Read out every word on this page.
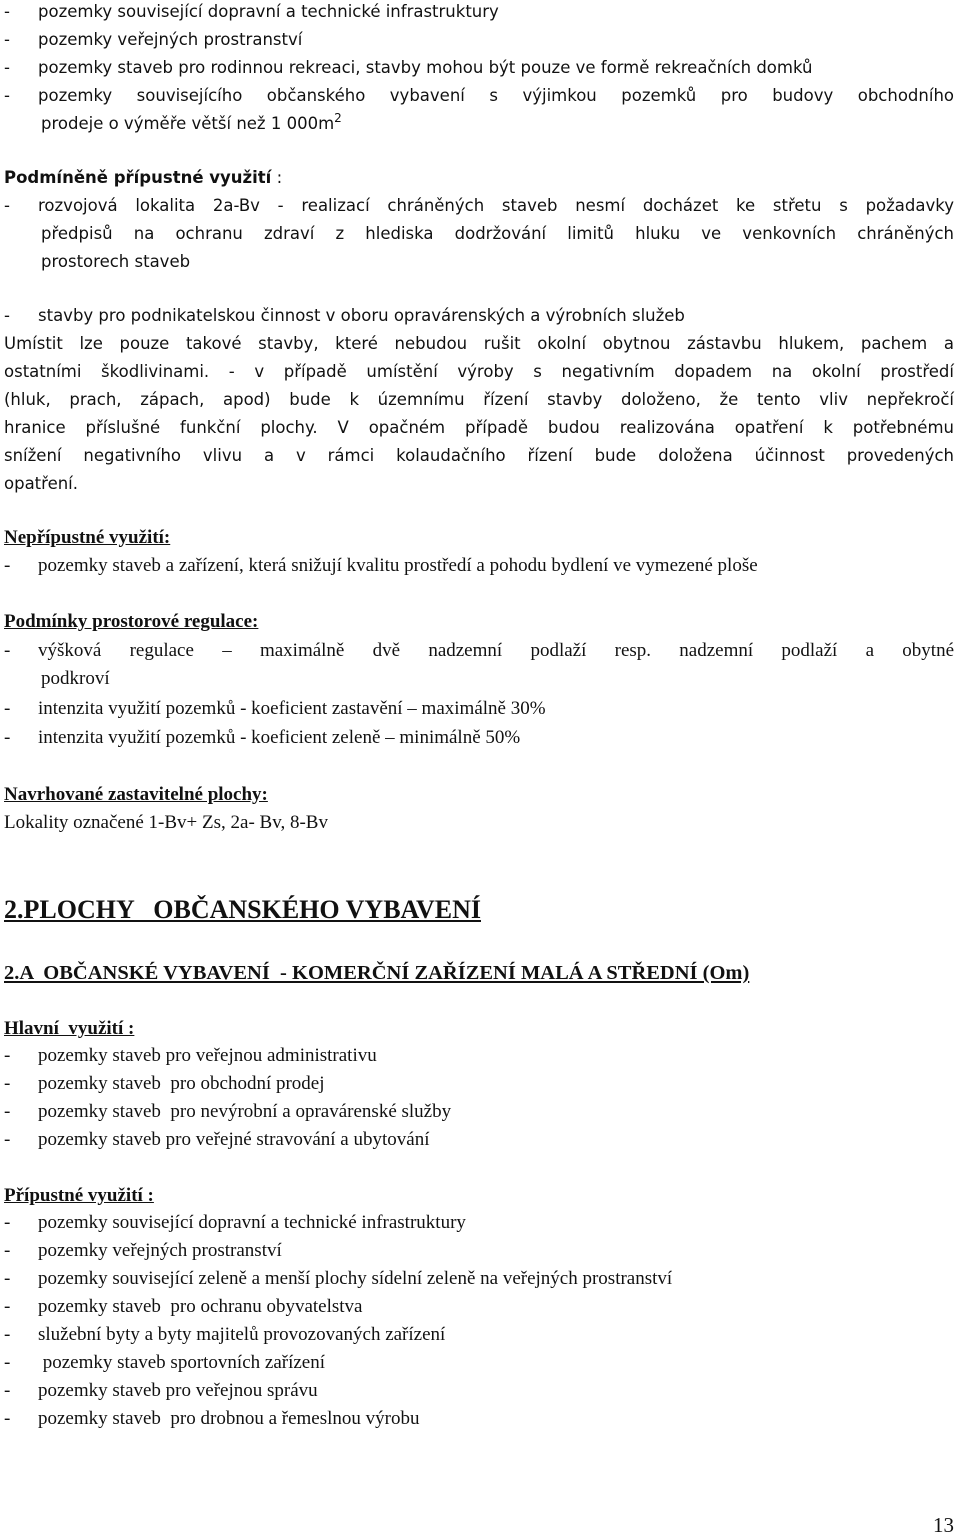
- pozemky související dopravní a technické infrastruktury
- pozemky veřejných prostranství
- pozemky staveb pro rodinnou rekreaci, stavby mohou být pouze ve formě rekreačních domků
- pozemky souvisejícího občanského vybavení s výjimkou pozemků pro budovy obchodního
prodeje o výměře větší než 1 $000m^2$
Podmíněně přípustné využití :
- rozvojová lokalita 2a-Bv - realizací chráněných staveb nesmí docházet ke střetu s požadavky
předpisů na ochranu zdraví z hlediska dodržování limitů hluku ve venkovních chráněných
prostorech staveb
- stavby pro podnikatelskou činnost v oboru opravárenských a výrobních služeb
Umístit lze pouze takové stavby, které nebudou rušit okolní obytnou zástavbu hlukem, pachem a
ostatními škodlivinami. - v případě umístění výroby s negativním dopadem na okolní prostředí
(hluk, prach, zápach, apod) bude k územnímu řízení stavby doloženo, že tento vliv nepřekročí
hranice příslušné funkční plochy. V opačném případě budou realizována opatření k potřebnému
snížení negativního vlivu a v rámci kolaudačního řízení bude doložena účinnost provedených
opatření.
Nepřípustné využití:
- pozemky staveb a zařízení, která snižují kvalitu prostředí a pohodu bydlení ve vymezené ploše
Podmínky prostorové regulace:
- výšková regulace – maximálně dvě nadzemní podlaží resp. nadzemní podlaží a obytné
podkroví
- intenzita využití pozemků - koeficient zastavění – maximálně 30%
- intenzita využití pozemků - koeficient zeleně – minimálně 50%
Navrhované zastavitelné plochy:
Lokality označené 1-Bv+ Zs, 2a- Bv, 8-Bv
2.PLOCHY   OBČANSKÉHO VYBAVENÍ
2.A  OBČANSKÉ VYBAVENÍ  - KOMERČNÍ ZAŘÍZENÍ MALÁ A STŘEDNÍ (Om)
Hlavní  využití :
- pozemky staveb pro veřejnou administrativu
- pozemky staveb  pro obchodní prodej
- pozemky staveb  pro nevýrobní a opravárenské služby
- pozemky staveb pro veřejné stravování a ubytování
Přípustné využití :
- pozemky související dopravní a technické infrastruktury
- pozemky veřejných prostranství
- pozemky související zeleně a menší plochy sídelní zeleně na veřejných prostranství
- pozemky staveb  pro ochranu obyvatelstva
- služební byty a byty majitelů provozovaných zařízení
- pozemky staveb sportovních zařízení
- pozemky staveb pro veřejnou správu
- pozemky staveb  pro drobnou a řemeslnou výrobu
13
